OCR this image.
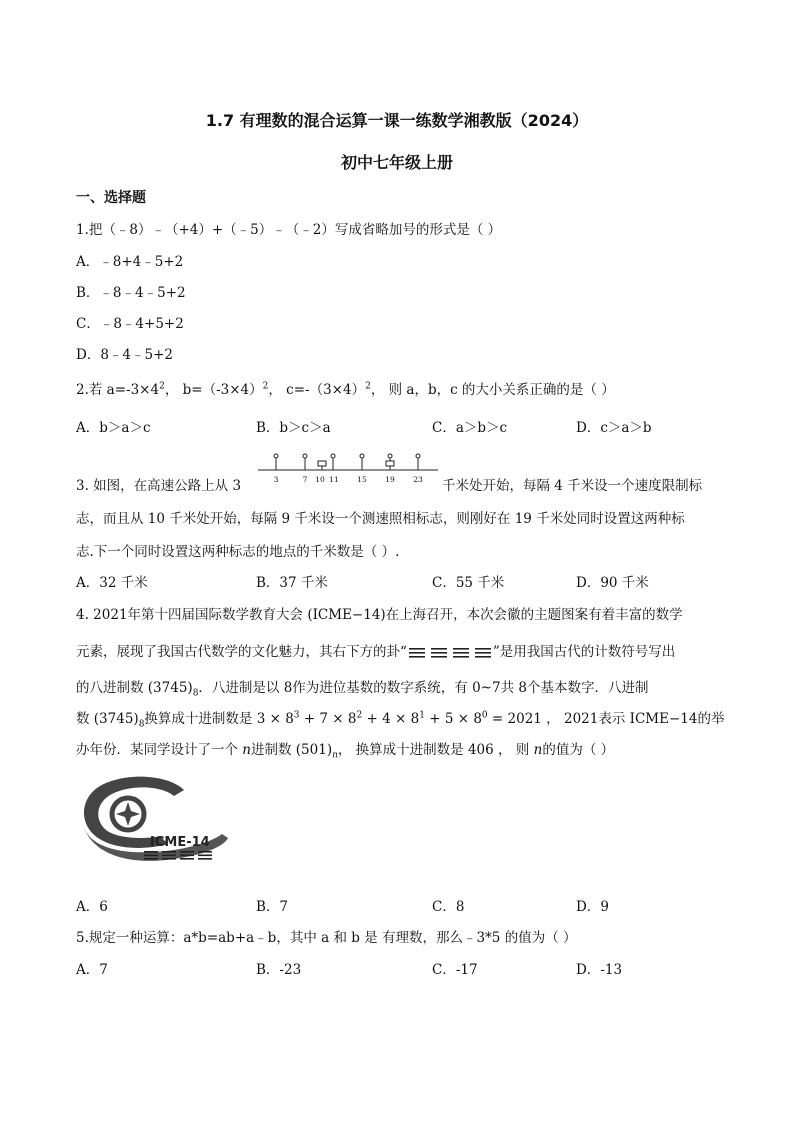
1.7 有理数的混合运算一课一练数学湘教版（2024）
初中七年级上册
一、选择题
1.把（﹣8）﹣（+4）+（﹣5）﹣（﹣2）写成省略加号的形式是（ ）
A．﹣8+4﹣5+2
B．﹣8﹣4﹣5+2
C．﹣8﹣4+5+2
D．8﹣4﹣5+2
2.若 $a=-3\times 4^2$， $b=(-3\times 4)^2$， $c=-(3\times 4)^2$， 则 a，b，c 的大小关系正确的是（ ）
A．b＞a＞c	B．b＞c＞a	C．a＞b＞c	D．c＞a＞b
3. 如图，在高速公路上从 3	3	7 10 11 15 19 23 千米处开始，每隔 4 千米设一个速度限制标
志，而且从 10 千米处开始，每隔 9 千米设一个测速照相标志，则刚好在 19 千米处同时设置这两种标
志.下一个同时设置这两种标志的地点的千米数是（ ）.
A．32 千米	B．37 千米	C．55 千米	D．90 千米
4. 2021年第十四届国际数学教育大会 (ICME−14)在上海召开，本次会徽的主题图案有着丰富的数学
元素，展现了我国古代数学的文化魅力，其右下方的卦“	”是用我国古代的计数符号写出
的八进制数 $(3745)_8$．八进制是以 8作为进位基数的数字系统，有 0~7共 8个基本数字．八进制
数 $(3745)_8$换算成十进制数是 $3 \times 8^3 + 7 \times 8^2 + 4 \times 8^1 + 5 \times 8^0 = 2021$ ， 2021表示 ICME−14的举
办年份．某同学设计了一个 n进制数 $(501)_n$， 换算成十进制数是 406 ， 则 n的值为（ ）
ICME-14
A．6	B．7	C．8	D．9
5.规定一种运算：a*b=ab+a﹣b，其中 a 和 b 是 有理数，那么﹣3*5 的值为（ ）
A．7	B．-23	C．-17	D．-13
